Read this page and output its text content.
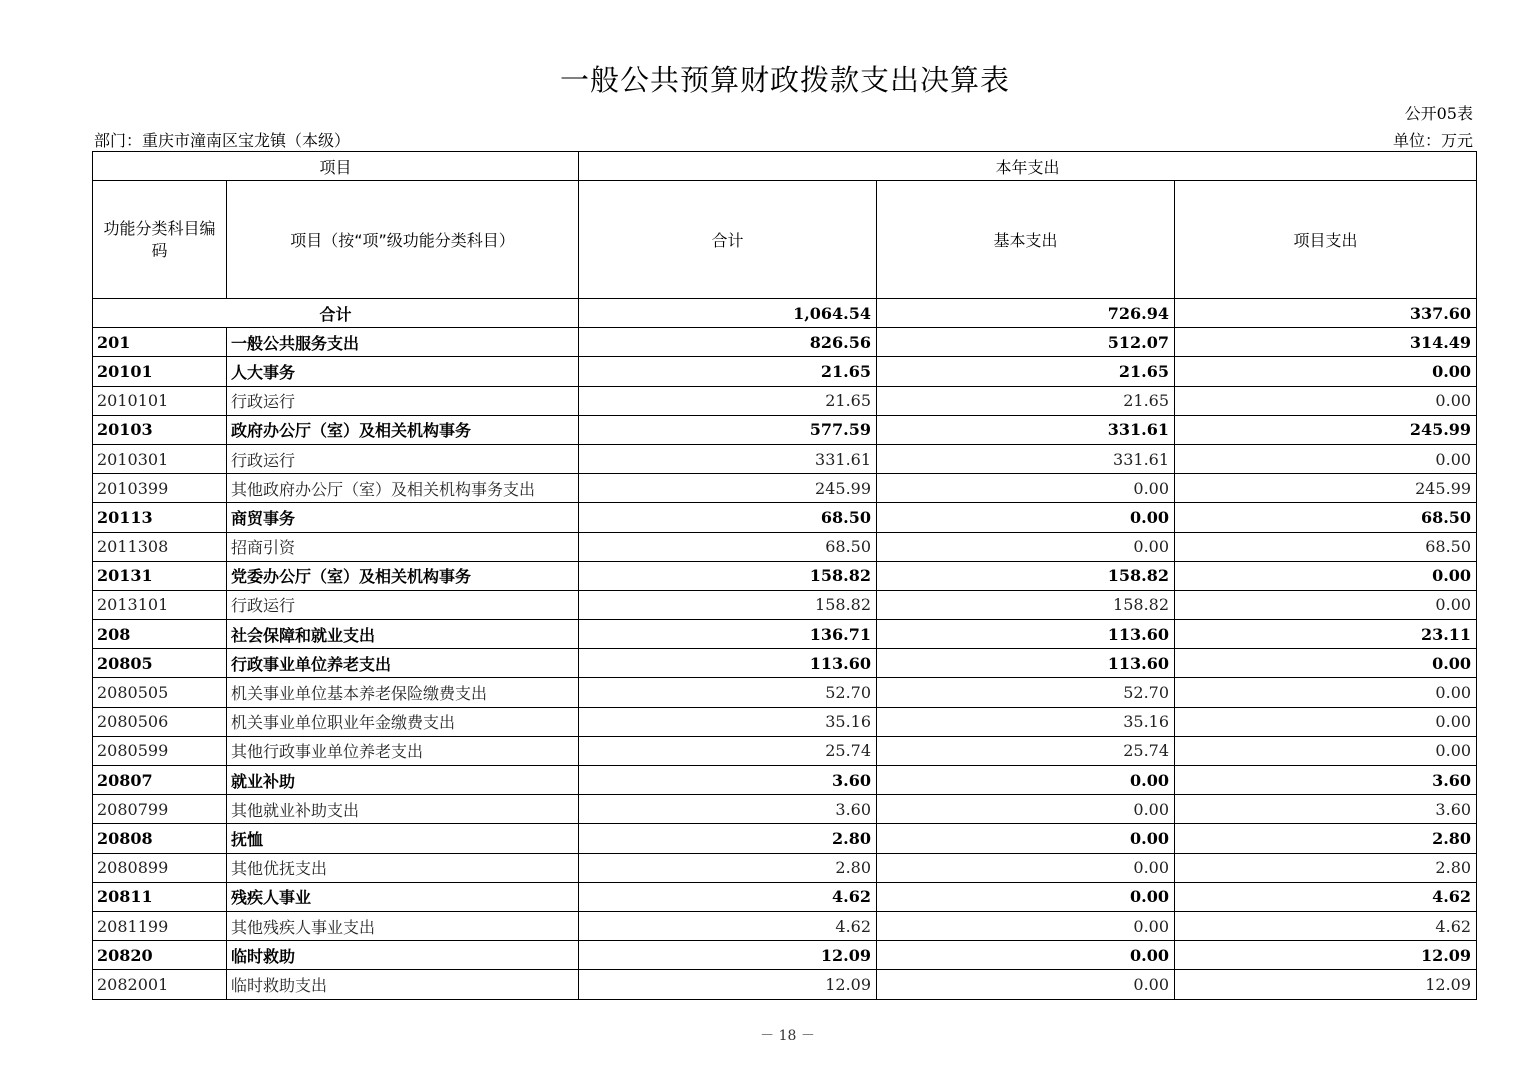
一般公共预算财政拨款支出决算表
公开05表
部门：重庆市潼南区宝龙镇（本级）	单位：万元
项目		本年支出		
功能分类科目编码	项目（按“项”级功能分类科目）	合计	基本支出	项目支出
合计		1,064.54	726.94	337.60
201	一般公共服务支出	826.56	512.07	314.49
20101	人大事务	21.65	21.65	0.00
2010101	行政运行	21.65	21.65	0.00
20103	政府办公厅（室）及相关机构事务	577.59	331.61	245.99
2010301	行政运行	331.61	331.61	0.00
2010399	其他政府办公厅（室）及相关机构事务支出	245.99	0.00	245.99
20113	商贸事务	68.50	0.00	68.50
2011308	招商引资	68.50	0.00	68.50
20131	党委办公厅（室）及相关机构事务	158.82	158.82	0.00
2013101	行政运行	158.82	158.82	0.00
208	社会保障和就业支出	136.71	113.60	23.11
20805	行政事业单位养老支出	113.60	113.60	0.00
2080505	机关事业单位基本养老保险缴费支出	52.70	52.70	0.00
2080506	机关事业单位职业年金缴费支出	35.16	35.16	0.00
2080599	其他行政事业单位养老支出	25.74	25.74	0.00
20807	就业补助	3.60	0.00	3.60
2080799	其他就业补助支出	3.60	0.00	3.60
20808	抚恤	2.80	0.00	2.80
2080899	其他优抚支出	2.80	0.00	2.80
20811	残疾人事业	4.62	0.00	4.62
2081199	其他残疾人事业支出	4.62	0.00	4.62
20820	临时救助	12.09	0.00	12.09
2082001	临时救助支出	12.09	0.00	12.09
－ 18 －
